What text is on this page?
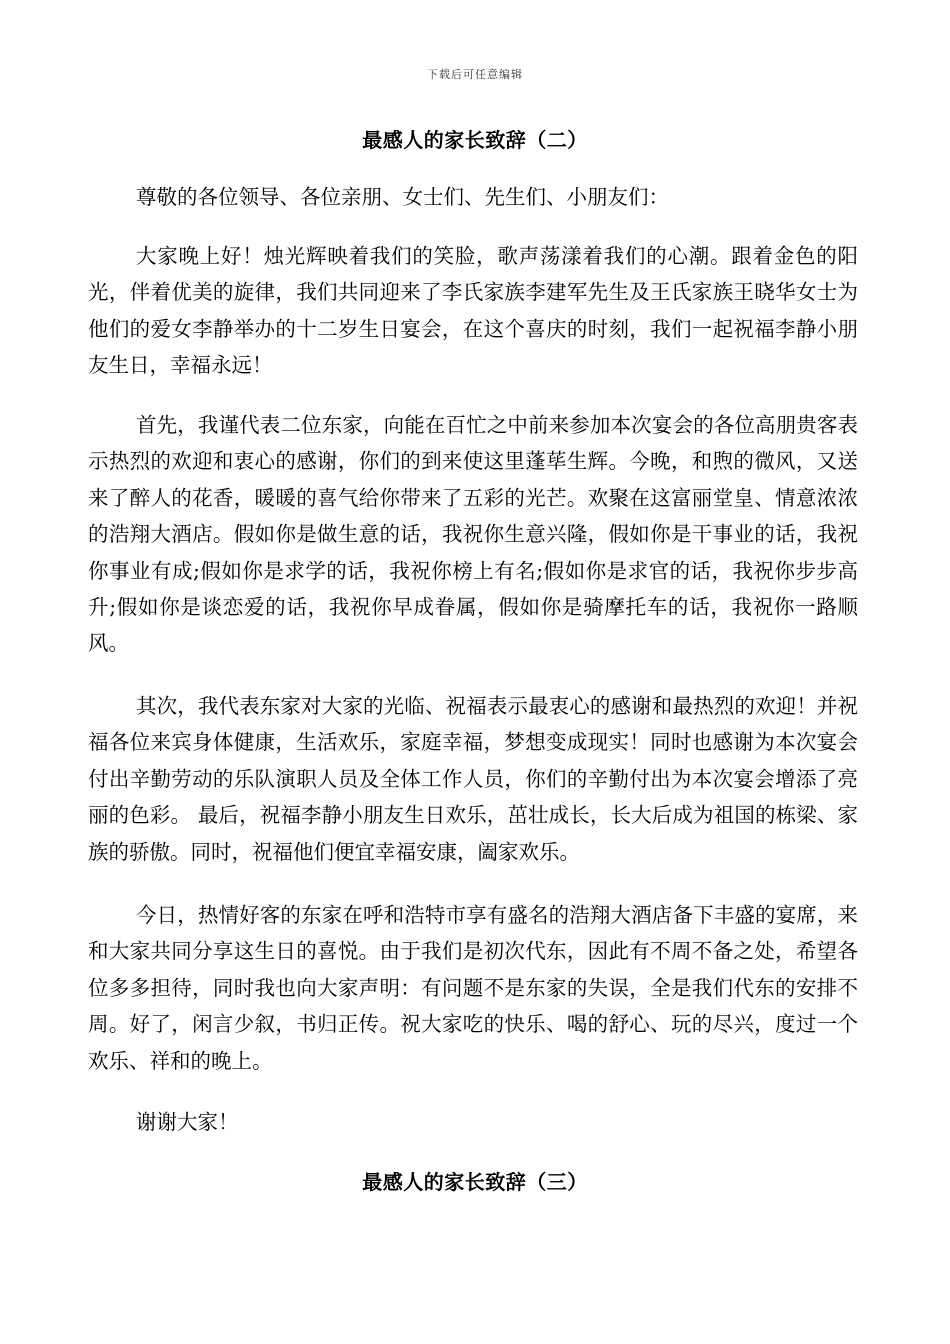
下载后可任意编辑
最感人的家长致辞（二）

尊敬的各位领导、各位亲朋、女士们、先生们、小朋友们：

大家晚上好！烛光辉映着我们的笑脸，歌声荡漾着我们的心潮。跟着金色的阳光，伴着优美的旋律，我们共同迎来了李氏家族李建军先生及王氏家族王晓华女士为他们的爱女李静举办的十二岁生日宴会，在这个喜庆的时刻，我们一起祝福李静小朋友生日，幸福永远！

首先，我谨代表二位东家，向能在百忙之中前来参加本次宴会的各位高朋贵客表示热烈的欢迎和衷心的感谢，你们的到来使这里蓬荜生辉。今晚，和煦的微风，又送来了醉人的花香，暖暖的喜气给你带来了五彩的光芒。欢聚在这富丽堂皇、情意浓浓的浩翔大酒店。假如你是做生意的话，我祝你生意兴隆，假如你是干事业的话，我祝你事业有成;假如你是求学的话，我祝你榜上有名;假如你是求官的话，我祝你步步高升;假如你是谈恋爱的话，我祝你早成眷属，假如你是骑摩托车的话，我祝你一路顺风。

其次，我代表东家对大家的光临、祝福表示最衷心的感谢和最热烈的欢迎！并祝福各位来宾身体健康，生活欢乐，家庭幸福，梦想变成现实！同时也感谢为本次宴会付出辛勤劳动的乐队演职人员及全体工作人员，你们的辛勤付出为本次宴会增添了亮丽的色彩。 最后，祝福李静小朋友生日欢乐，茁壮成长，长大后成为祖国的栋梁、家族的骄傲。同时，祝福他们便宜幸福安康，阖家欢乐。

今日，热情好客的东家在呼和浩特市享有盛名的浩翔大酒店备下丰盛的宴席，来和大家共同分享这生日的喜悦。由于我们是初次代东，因此有不周不备之处，希望各位多多担待，同时我也向大家声明：有问题不是东家的失误，全是我们代东的安排不周。好了，闲言少叙，书归正传。祝大家吃的快乐、喝的舒心、玩的尽兴，度过一个欢乐、祥和的晚上。

谢谢大家！

最感人的家长致辞（三）
